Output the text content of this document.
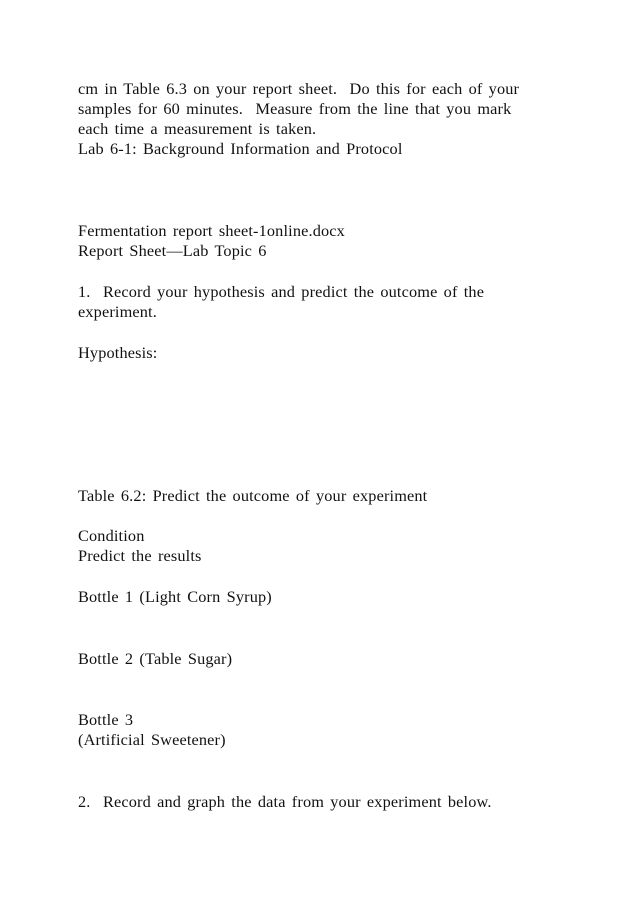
cm in Table 6.3 on your report sheet.  Do this for each of your
samples for 60 minutes.  Measure from the line that you mark
each time a measurement is taken.
Lab 6-1: Background Information and Protocol
Fermentation report sheet-1online.docx
Report Sheet—Lab Topic 6
1.  Record your hypothesis and predict the outcome of the
experiment.
Hypothesis:
Table 6.2: Predict the outcome of your experiment
Condition
Predict the results
Bottle 1 (Light Corn Syrup)
Bottle 2 (Table Sugar)
Bottle 3
(Artificial Sweetener)
2.  Record and graph the data from your experiment below.
